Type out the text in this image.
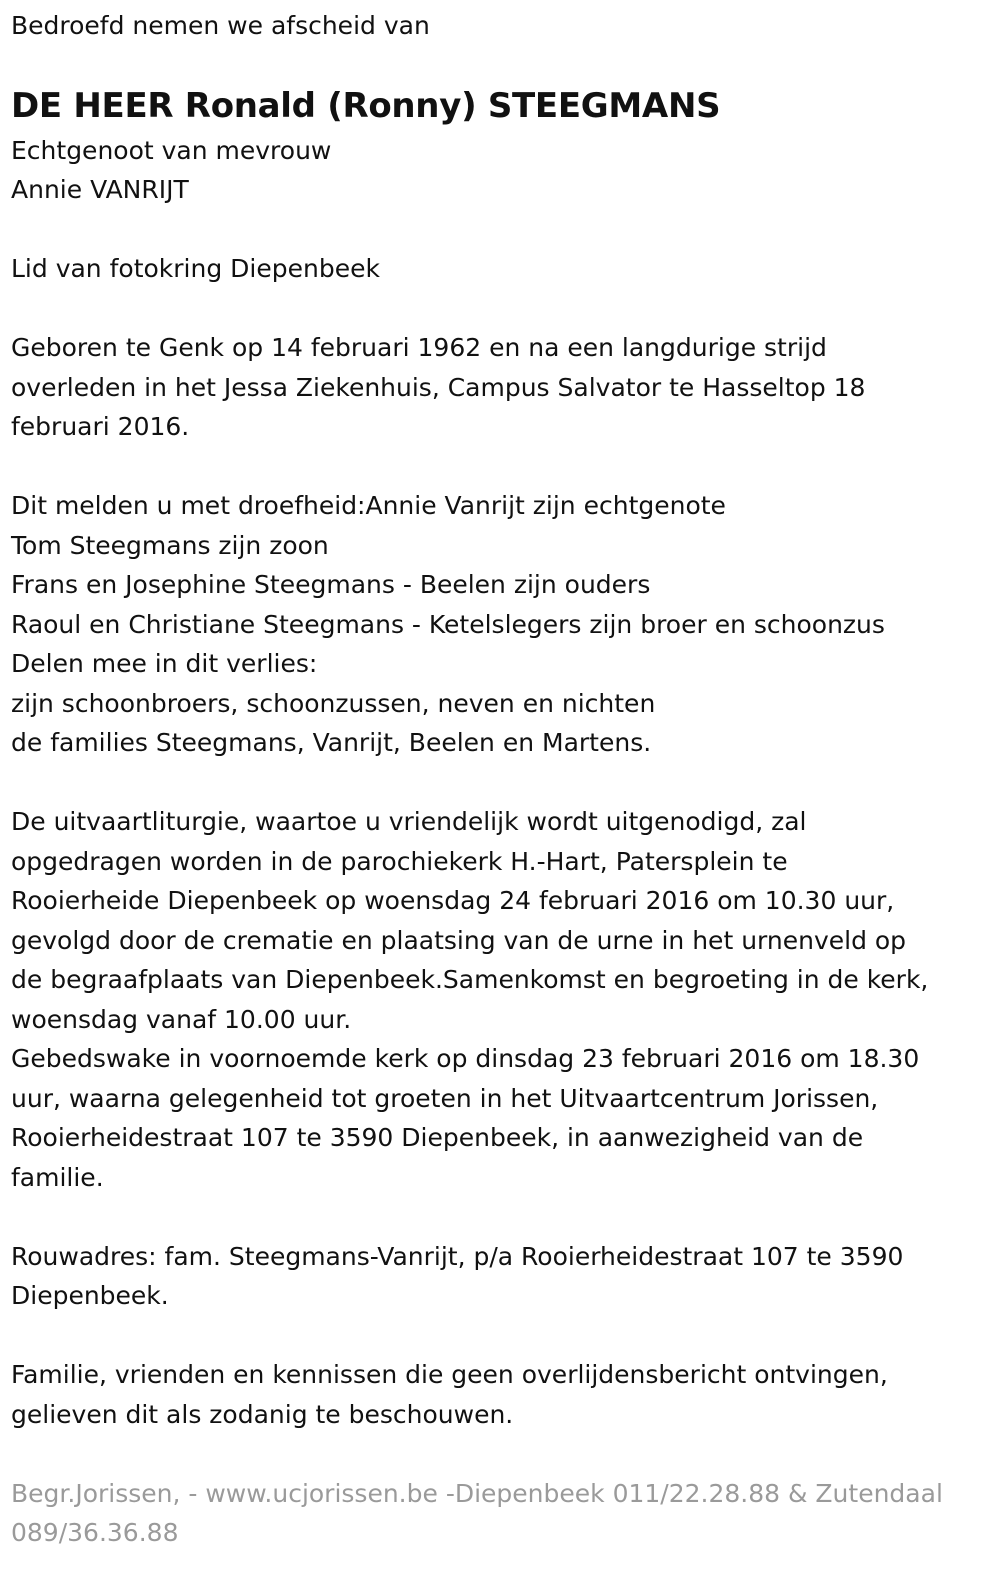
Bedroefd nemen we afscheid van

DE HEER Ronald (Ronny) STEEGMANS

Echtgenoot van mevrouw

Annie VANRIJT

Lid van fotokring Diepenbeek

Geboren te Genk op 14 februari 1962 en na een langdurige strijd

overleden in het Jessa Ziekenhuis, Campus Salvator te Hasseltop 18

februari 2016.

Dit melden u met droefheid:Annie Vanrijt zijn echtgenote

Tom Steegmans zijn zoon

Frans en Josephine Steegmans - Beelen zijn ouders

Raoul en Christiane Steegmans - Ketelslegers zijn broer en schoonzus

Delen mee in dit verlies:

zijn schoonbroers, schoonzussen, neven en nichten

de families Steegmans, Vanrijt, Beelen en Martens.

De uitvaartliturgie, waartoe u vriendelijk wordt uitgenodigd, zal

opgedragen worden in de parochiekerk H.-Hart, Patersplein te

Rooierheide Diepenbeek op woensdag 24 februari 2016 om 10.30 uur,

gevolgd door de crematie en plaatsing van de urne in het urnenveld op

de begraafplaats van Diepenbeek.Samenkomst en begroeting in de kerk,

woensdag vanaf 10.00 uur.

Gebedswake in voornoemde kerk op dinsdag 23 februari 2016 om 18.30

uur, waarna gelegenheid tot groeten in het Uitvaartcentrum Jorissen,

Rooierheidestraat 107 te 3590 Diepenbeek, in aanwezigheid van de

familie.

Rouwadres: fam. Steegmans-Vanrijt, p/a Rooierheidestraat 107 te 3590

Diepenbeek.

Familie, vrienden en kennissen die geen overlijdensbericht ontvingen,

gelieven dit als zodanig te beschouwen.

Begr.Jorissen, - www.ucjorissen.be -Diepenbeek 011/22.28.88 & Zutendaal

089/36.36.88
